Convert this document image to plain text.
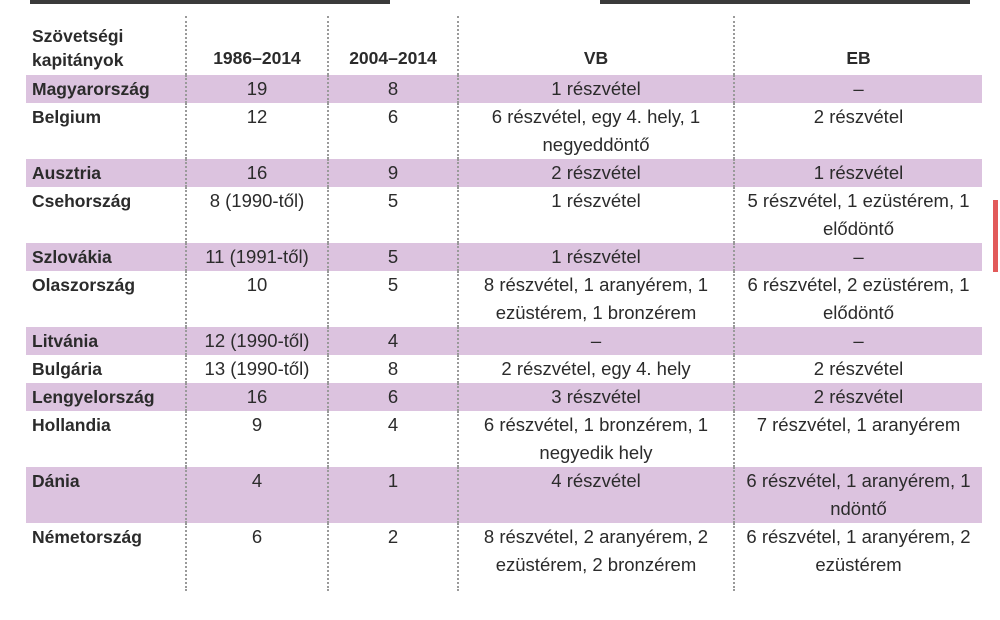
Szövetségi kapitányok	1986–2014	2004–2014	VB	EB
Magyarország	19	8	1 részvétel	–
Belgium	12	6	6 részvétel, egy 4. hely, 1 negyeddöntő	2 részvétel
Ausztria	16	9	2 részvétel	1 részvétel
Csehország	8 (1990-től)	5	1 részvétel	5 részvétel, 1 ezüstérem, 1 elődöntő
Szlovákia	11 (1991-től)	5	1 részvétel	–
Olaszország	10	5	8 részvétel, 1 aranyérem, 1 ezüstérem, 1 bronzérem	6 részvétel, 2 ezüstérem, 1 elődöntő
Litvánia	12 (1990-től)	4	–	–
Bulgária	13 (1990-től)	8	2 részvétel, egy 4. hely	2 részvétel
Lengyelország	16	6	3 részvétel	2 részvétel
Hollandia	9	4	6 részvétel, 1 bronzérem, 1 negyedik hely	7 részvétel, 1 aranyérem
Dánia	4	1	4 részvétel	6 részvétel, 1 aranyérem, 1 ndöntő
Németország	6	2	8 részvétel, 2 aranyérem, 2 ezüstérem, 2 bronzérem	6 részvétel, 1 aranyérem, 2 ezüstérem
